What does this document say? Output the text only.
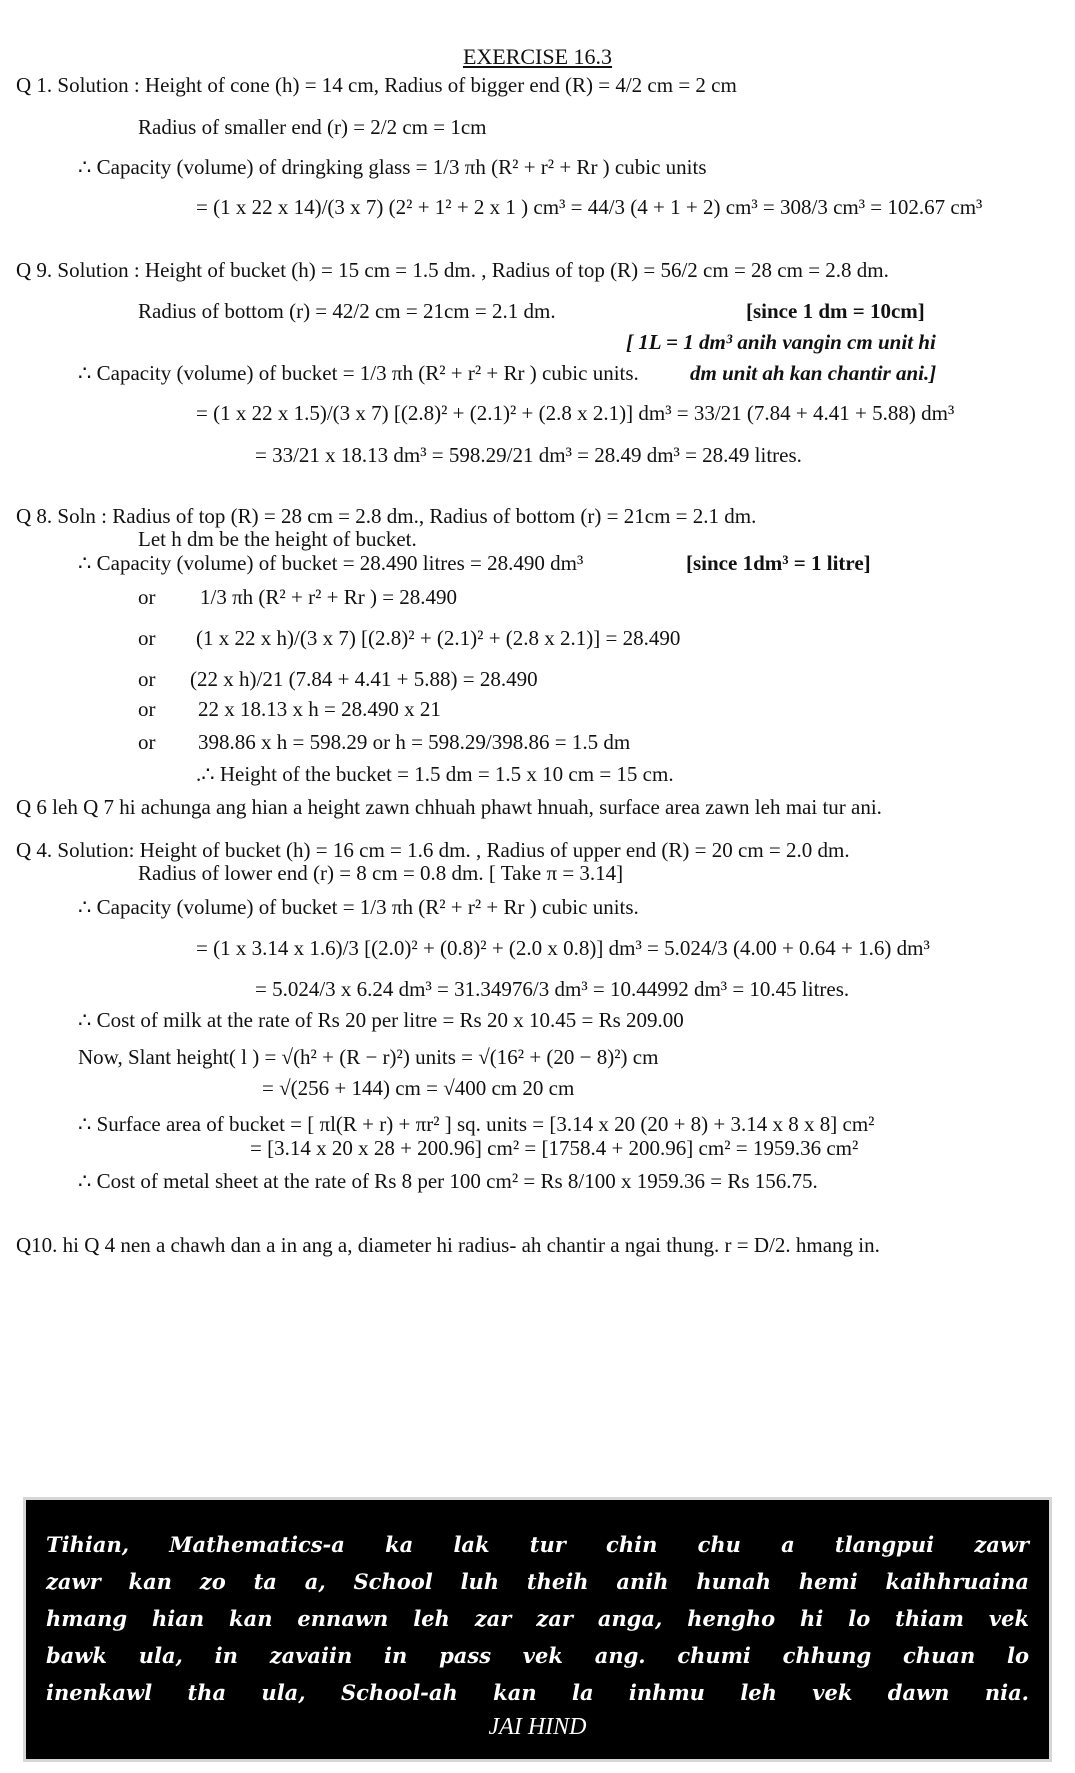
EXERCISE 16.3
Q 1. Solution : Height of cone (h) = 14 cm, Radius of bigger end (R) = 4/2 cm = 2 cm
Radius of smaller end (r) = 2/2 cm = 1cm
∴ Capacity (volume) of dringking glass = 1/3 πh (R² + r² + Rr ) cubic units
= (1 x 22 x 14)/(3 x 7) (2² + 1² + 2 x 1 ) cm³ = 44/3 (4 + 1 + 2) cm³ = 308/3 cm³ = 102.67 cm³
Q 9. Solution : Height of bucket (h) = 15 cm = 1.5 dm. , Radius of top (R) = 56/2 cm = 28 cm = 2.8 dm.
Radius of bottom (r) = 42/2 cm = 21cm = 2.1 dm.	[since 1 dm = 10cm]
[ 1L = 1 dm³ anih vangin cm unit hi
∴ Capacity (volume) of bucket = 1/3 πh (R² + r² + Rr ) cubic units. dm unit ah kan chantir ani.]
= (1 x 22 x 1.5)/(3 x 7) [(2.8)² + (2.1)² + (2.8 x 2.1)] dm³ = 33/21 (7.84 + 4.41 + 5.88) dm³
= 33/21 x 18.13 dm³ = 598.29/21 dm³ = 28.49 dm³ = 28.49 litres.
Q 8. Soln : Radius of top (R) = 28 cm = 2.8 dm., Radius of bottom (r) = 21cm = 2.1 dm.
Let h dm be the height of bucket.
∴ Capacity (volume) of bucket = 28.490 litres = 28.490 dm³	[since 1dm³ = 1 litre]
or 1/3 πh (R² + r² + Rr ) = 28.490
or (1 x 22 x h)/(3 x 7) [(2.8)² + (2.1)² + (2.8 x 2.1)] = 28.490
or (22 x h)/21 (7.84 + 4.41 + 5.88) = 28.490
or 22 x 18.13 x h = 28.490 x 21
or 398.86 x h = 598.29 or h = 598.29/398.86 = 1.5 dm
.∴ Height of the bucket = 1.5 dm = 1.5 x 10 cm = 15 cm.
Q 6 leh Q 7 hi achunga ang hian a height zawn chhuah phawt hnuah, surface area zawn leh mai tur ani.
Q 4. Solution: Height of bucket (h) = 16 cm = 1.6 dm. , Radius of upper end (R) = 20 cm = 2.0 dm.
Radius of lower end (r) = 8 cm = 0.8 dm. [ Take π = 3.14]
∴ Capacity (volume) of bucket = 1/3 πh (R² + r² + Rr ) cubic units.
= (1 x 3.14 x 1.6)/3 [(2.0)² + (0.8)² + (2.0 x 0.8)] dm³ = 5.024/3 (4.00 + 0.64 + 1.6) dm³
= 5.024/3 x 6.24 dm³ = 31.34976/3 dm³ = 10.44992 dm³ = 10.45 litres.
∴ Cost of milk at the rate of Rs 20 per litre = Rs 20 x 10.45 = Rs 209.00
Now, Slant height( l ) = √(h² + (R − r)²) units = √(16² + (20 − 8)²) cm
= √(256 + 144) cm = √400 cm 20 cm
∴ Surface area of bucket = [ πl(R + r) + πr² ] sq. units = [3.14 x 20 (20 + 8) + 3.14 x 8 x 8] cm²
= [3.14 x 20 x 28 + 200.96] cm² = [1758.4 + 200.96] cm² = 1959.36 cm²
∴ Cost of metal sheet at the rate of Rs 8 per 100 cm² = Rs 8/100 x 1959.36 = Rs 156.75.
Q10. hi Q 4 nen a chawh dan a in ang a, diameter hi radius- ah chantir a ngai thung. r = D/2. hmang in.
Tihian, Mathematics-a ka lak tur chin chu a tlangpui zawr
zawr kan zo ta a, School luh theih anih hunah hemi kaihhruaina
hmang hian kan ennawn leh zar zar anga, hengho hi lo thiam vek
bawk ula, in zavaiin in pass vek ang. chumi chhung chuan lo
inenkawl tha ula, School-ah kan la inhmu leh vek dawn nia.
JAI HIND
